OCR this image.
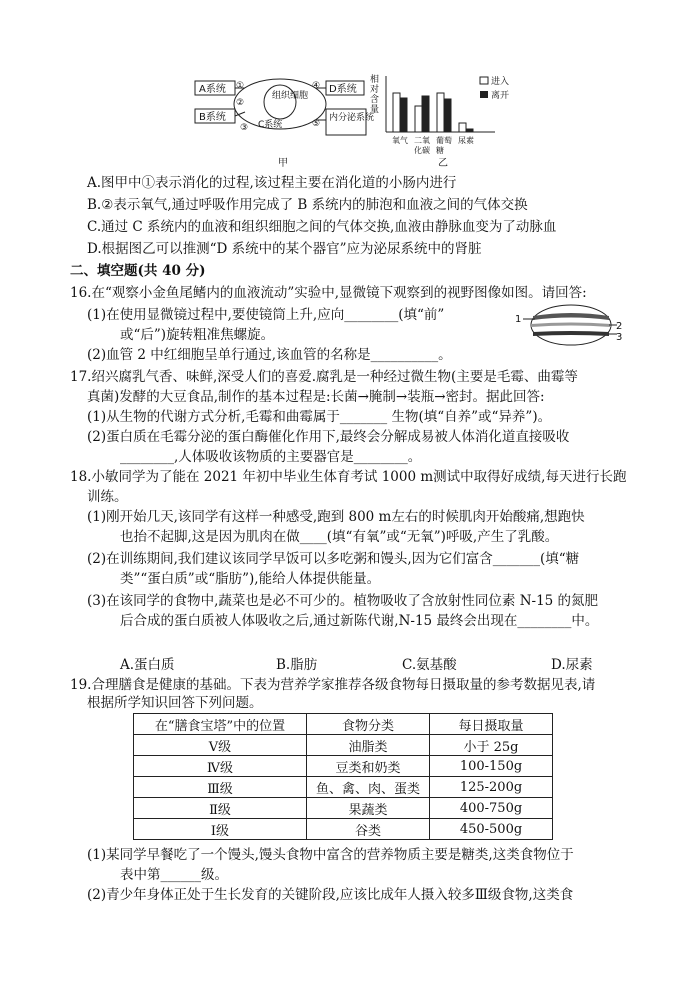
A系统
B系统
组织细胞
C系统
D系统
内分泌系统
①
②
③
④
⑤
甲
相
对
含
量
氧气 二氧
化碳
葡萄
糖
尿素
进入
离开
乙
A.图甲中①表示消化的过程,该过程主要在消化道的小肠内进行
B.②表示氧气,通过呼吸作用完成了 B 系统内的肺泡和血液之间的气体交换
C.通过 C 系统内的血液和组织细胞之间的气体交换,血液由静脉血变为了动脉血
D.根据图乙可以推测“D 系统中的某个器官”应为泌尿系统中的肾脏
二、填空题(共 40 分)
16.在“观察小金鱼尾鳍内的血液流动”实验中,显微镜下观察到的视野图像如图。请回答:
(1)在使用显微镜过程中,要使镜筒上升,应向________(填“前”
或“后”)旋转粗准焦螺旋。
(2)血管 2 中红细胞呈单行通过,该血管的名称是__________。
1
2
3
17.绍兴腐乳气香、味鲜,深受人们的喜爱.腐乳是一种经过微生物(主要是毛霉、曲霉等
真菌)发酵的大豆食品,制作的基本过程是:长菌→腌制→装瓶→密封。据此回答:
(1)从生物的代谢方式分析,毛霉和曲霉属于_______ 生物(填“自养”或“异养”)。
(2)蛋白质在毛霉分泌的蛋白酶催化作用下,最终会分解成易被人体消化道直接吸收
________,人体吸收该物质的主要器官是________。
18.小敏同学为了能在 2021 年初中毕业生体育考试 1000 m测试中取得好成绩,每天进行长跑
训练。
(1)刚开始几天,该同学有这样一种感受,跑到 800 m左右的时候肌肉开始酸痛,想跑快
也抬不起脚,这是因为肌肉在做____(填“有氧”或“无氧”)呼吸,产生了乳酸。
(2)在训练期间,我们建议该同学早饭可以多吃粥和馒头,因为它们富含_______(填“糖
类”“蛋白质”或“脂肪”),能给人体提供能量。
(3)在该同学的食物中,蔬菜也是必不可少的。植物吸收了含放射性同位素 N-15 的氮肥
后合成的蛋白质被人体吸收之后,通过新陈代谢,N-15 最终会出现在________中。
A.蛋白质	B.脂肪	C.氨基酸	D.尿素
19.合理膳食是健康的基础。下表为营养学家推荐各级食物每日摄取量的参考数据见表,请
根据所学知识回答下列问题。
在“膳食宝塔”中的位置	食物分类	每日摄取量
Ⅴ级	油脂类	小于 25g
Ⅳ级	豆类和奶类	100-150g
Ⅲ级	鱼、禽、肉、蛋类	125-200g
Ⅱ级	果蔬类	400-750g
Ⅰ级	谷类	450-500g
(1)某同学早餐吃了一个馒头,馒头食物中富含的营养物质主要是糖类,这类食物位于
表中第______级。
(2)青少年身体正处于生长发育的关键阶段,应该比成年人摄入较多Ⅲ级食物,这类食
